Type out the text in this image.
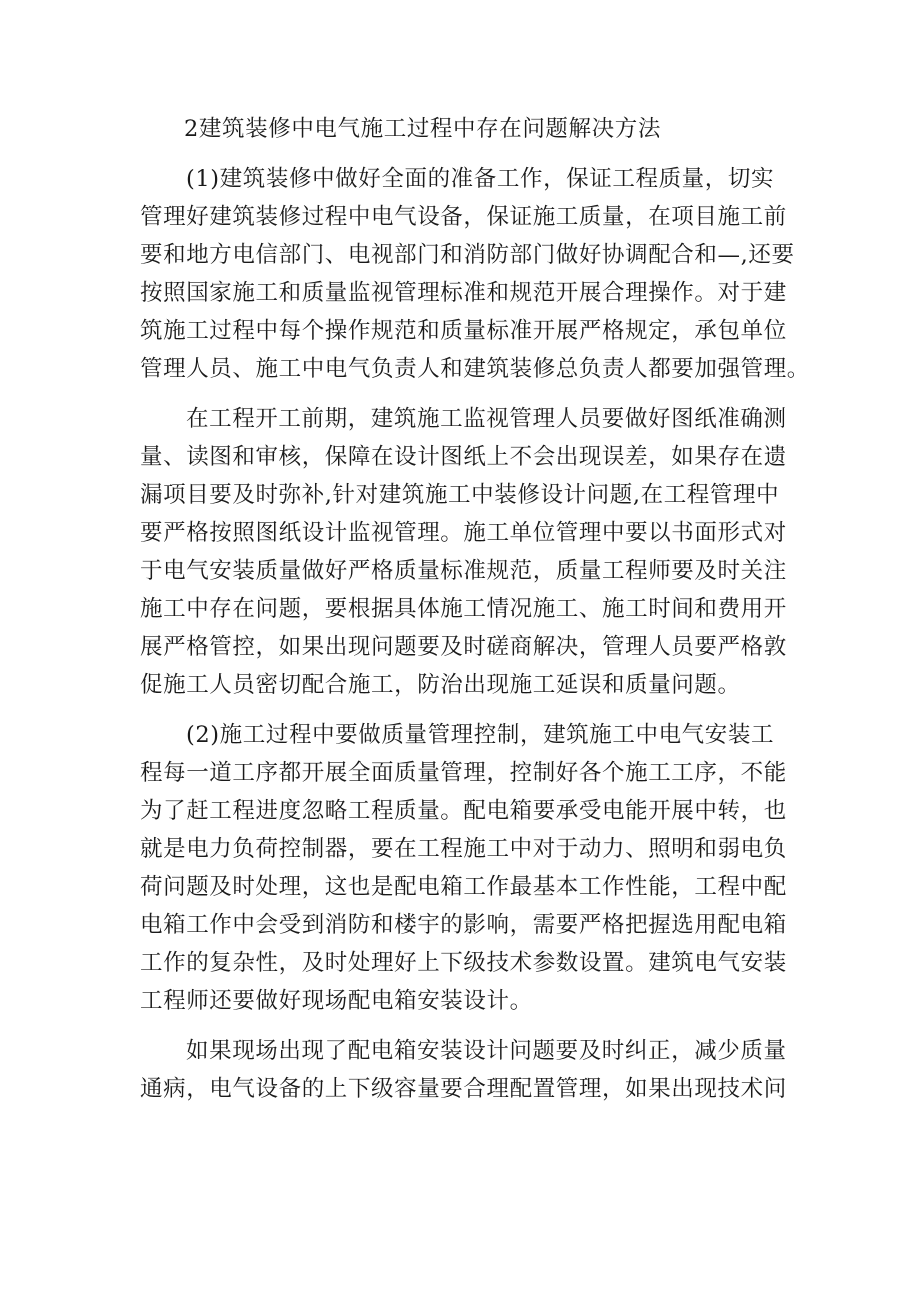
2建筑装修中电气施工过程中存在问题解决方法
(1)建筑装修中做好全面的准备工作，保证工程质量，切实
管理好建筑装修过程中电气设备，保证施工质量，在项目施工前
要和地方电信部门、电视部门和消防部门做好协调配合和—,还要
按照国家施工和质量监视管理标准和规范开展合理操作。对于建
筑施工过程中每个操作规范和质量标准开展严格规定，承包单位
管理人员、施工中电气负责人和建筑装修总负责人都要加强管理。
在工程开工前期，建筑施工监视管理人员要做好图纸准确测
量、读图和审核，保障在设计图纸上不会出现误差，如果存在遗
漏项目要及时弥补,针对建筑施工中装修设计问题,在工程管理中
要严格按照图纸设计监视管理。施工单位管理中要以书面形式对
于电气安装质量做好严格质量标准规范，质量工程师要及时关注
施工中存在问题，要根据具体施工情况施工、施工时间和费用开
展严格管控，如果出现问题要及时磋商解决，管理人员要严格敦
促施工人员密切配合施工，防治出现施工延误和质量问题。
(2)施工过程中要做质量管理控制，建筑施工中电气安装工
程每一道工序都开展全面质量管理，控制好各个施工工序，不能
为了赶工程进度忽略工程质量。配电箱要承受电能开展中转，也
就是电力负荷控制器，要在工程施工中对于动力、照明和弱电负
荷问题及时处理，这也是配电箱工作最基本工作性能，工程中配
电箱工作中会受到消防和楼宇的影响，需要严格把握选用配电箱
工作的复杂性，及时处理好上下级技术参数设置。建筑电气安装
工程师还要做好现场配电箱安装设计。
如果现场出现了配电箱安装设计问题要及时纠正，减少质量
通病，电气设备的上下级容量要合理配置管理，如果出现技术问
